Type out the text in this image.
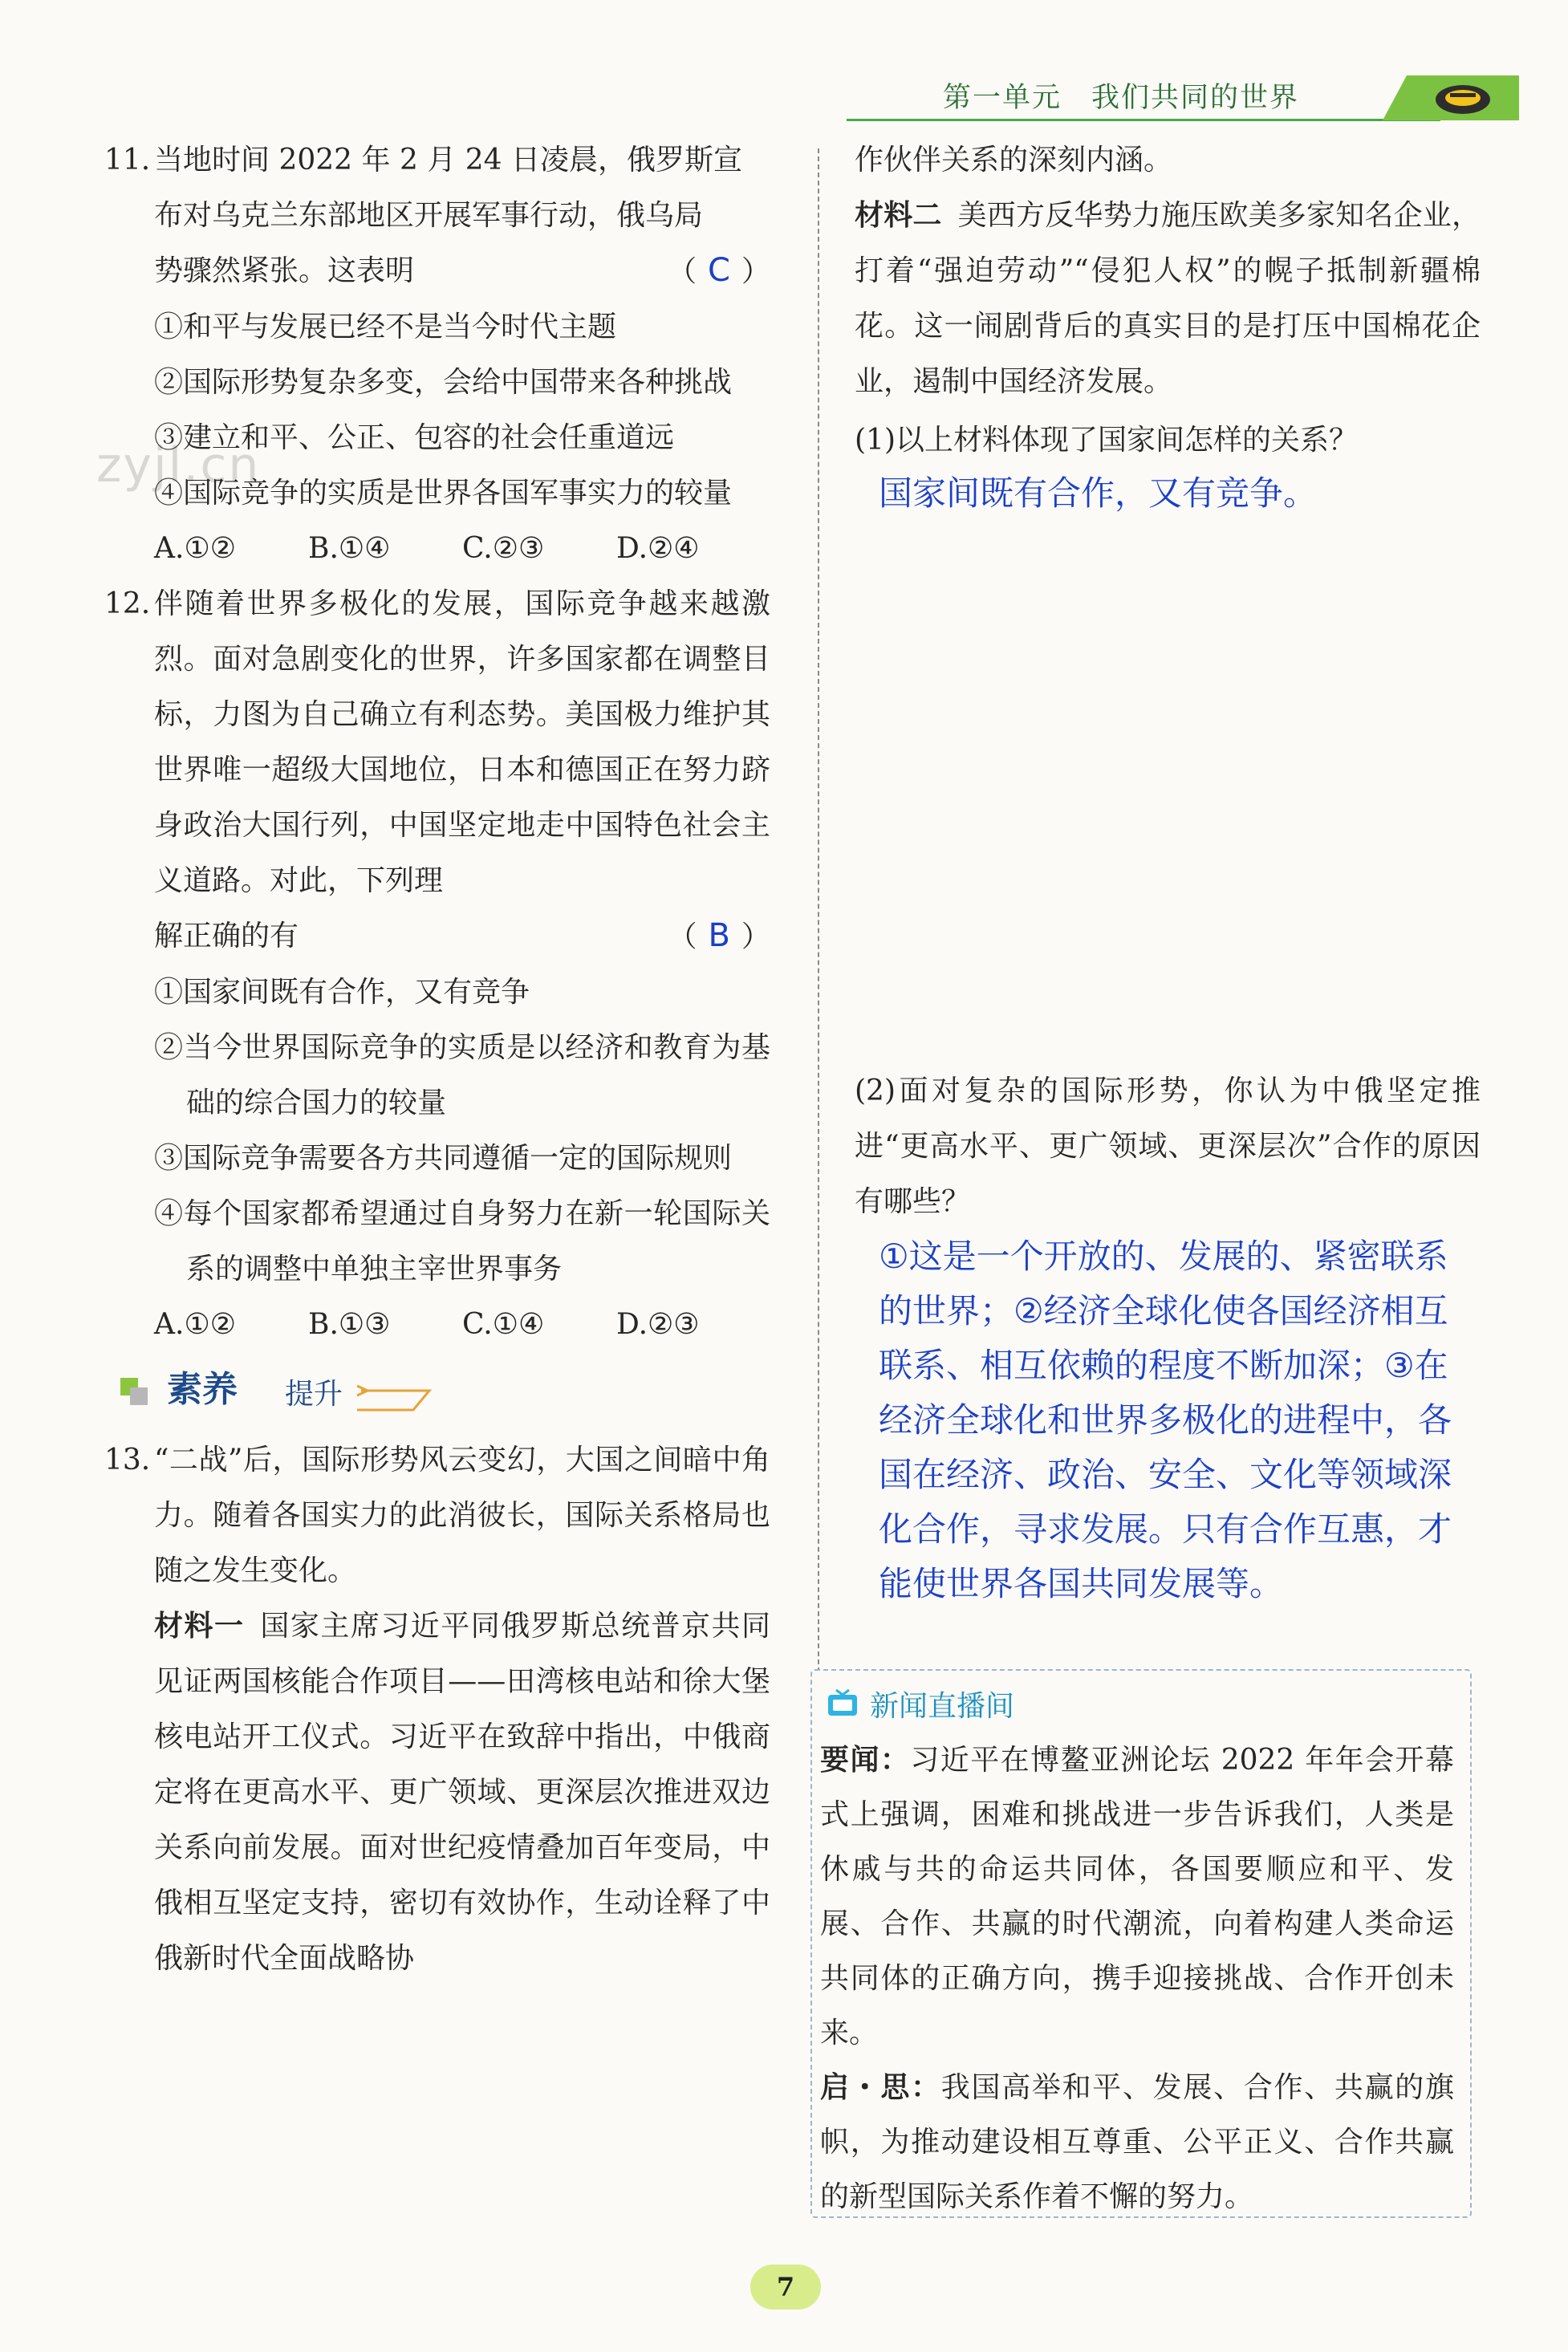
第一单元　我们共同的世界
zyjl.cn
11. 当地时间 2022 年 2 月 24 日凌晨，俄罗斯宣
布对乌克兰东部地区开展军事行动，俄乌局
势骤然紧张。这表明	（ C ）
①和平与发展已经不是当今时代主题
②国际形势复杂多变，会给中国带来各种挑战
③建立和平、公正、包容的社会任重道远
④国际竞争的实质是世界各国军事实力的较量
A.①②	B.①④	C.②③	D.②④
12. 伴随着世界多极化的发展，国际竞争越来越激烈。面对急剧变化的世界，许多国家都在调整目标，力图为自己确立有利态势。美国极力维护其世界唯一超级大国地位，日本和德国正在努力跻身政治大国行列，中国坚定地走中国特色社会主义道路。对此，下列理
解正确的有	（ B ）
①国家间既有合作，又有竞争
②当今世界国际竞争的实质是以经济和教育为基础的综合国力的较量
③国际竞争需要各方共同遵循一定的国际规则
④每个国家都希望通过自身努力在新一轮国际关系的调整中单独主宰世界事务
A.①②	B.①③	C.①④	D.②③
素养 提升
13. “二战”后，国际形势风云变幻，大国之间暗中角力。随着各国实力的此消彼长，国际关系格局也随之发生变化。
材料一 国家主席习近平同俄罗斯总统普京共同见证两国核能合作项目——田湾核电站和徐大堡核电站开工仪式。习近平在致辞中指出，中俄商定将在更高水平、更广领域、更深层次推进双边关系向前发展。面对世纪疫情叠加百年变局，中俄相互坚定支持，密切有效协作，生动诠释了中俄新时代全面战略协
作伙伴关系的深刻内涵。
材料二 美西方反华势力施压欧美多家知名企业，打着“强迫劳动”“侵犯人权”的幌子抵制新疆棉花。这一闹剧背后的真实目的是打压中国棉花企业，遏制中国经济发展。
(1)以上材料体现了国家间怎样的关系？
国家间既有合作，又有竞争。
(2)面对复杂的国际形势，你认为中俄坚定推进“更高水平、更广领域、更深层次”合作的原因有哪些？
①这是一个开放的、发展的、紧密联系的世界；②经济全球化使各国经济相互联系、相互依赖的程度不断加深；③在经济全球化和世界多极化的进程中，各国在经济、政治、安全、文化等领域深化合作，寻求发展。只有合作互惠，才能使世界各国共同发展等。
新闻直播间
要闻：习近平在博鳌亚洲论坛 2022 年年会开幕式上强调，困难和挑战进一步告诉我们，人类是休戚与共的命运共同体，各国要顺应和平、发展、合作、共赢的时代潮流，向着构建人类命运共同体的正确方向，携手迎接挑战、合作开创未来。
启・思：我国高举和平、发展、合作、共赢的旗帜，为推动建设相互尊重、公平正义、合作共赢的新型国际关系作着不懈的努力。
7
